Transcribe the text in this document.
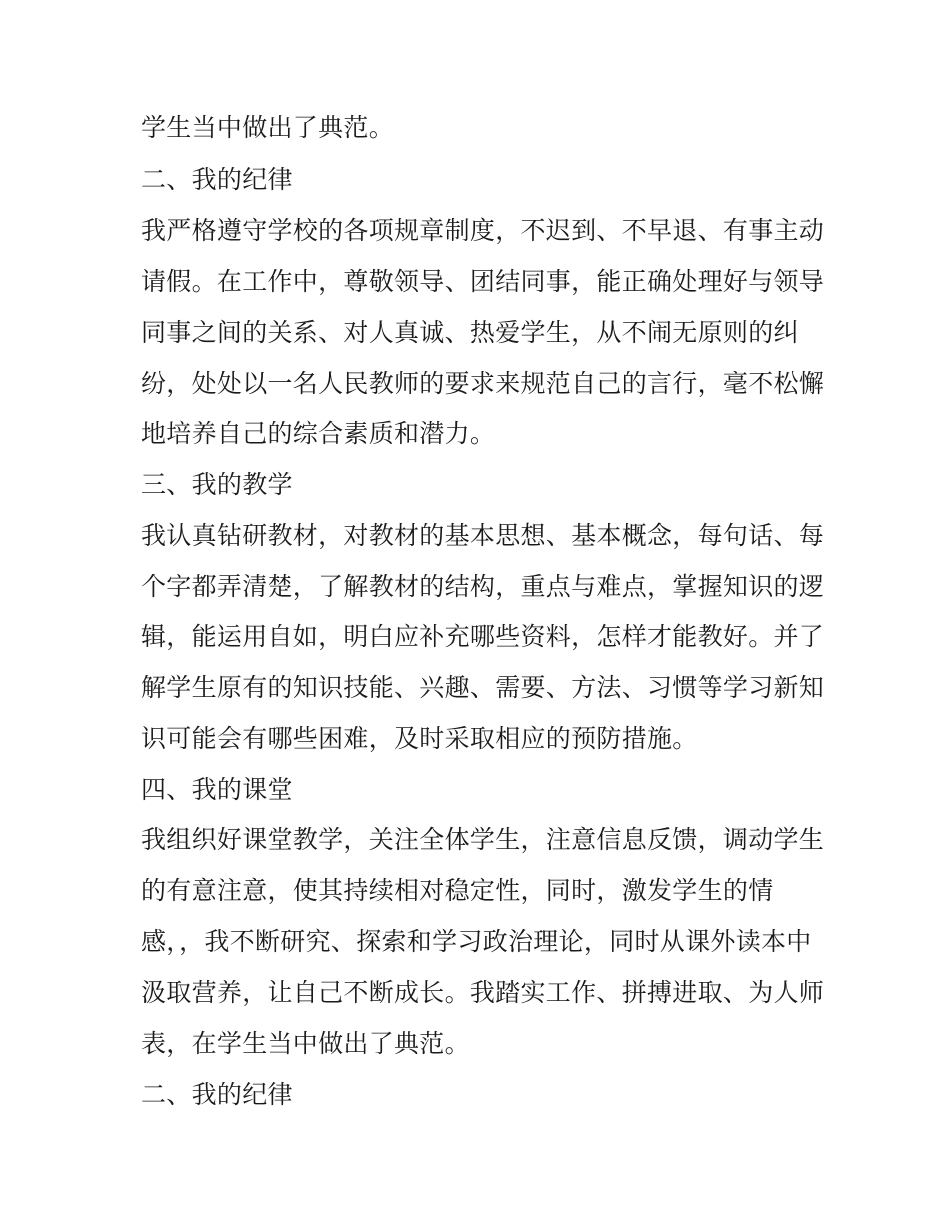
学生当中做出了典范。
二、我的纪律
我严格遵守学校的各项规章制度，不迟到、不早退、有事主动
请假。在工作中，尊敬领导、团结同事，能正确处理好与领导
同事之间的关系、对人真诚、热爱学生，从不闹无原则的纠
纷，处处以一名人民教师的要求来规范自己的言行，毫不松懈
地培养自己的综合素质和潜力。
三、我的教学
我认真钻研教材，对教材的基本思想、基本概念，每句话、每
个字都弄清楚，了解教材的结构，重点与难点，掌握知识的逻
辑，能运用自如，明白应补充哪些资料，怎样才能教好。并了
解学生原有的知识技能、兴趣、需要、方法、习惯等学习新知
识可能会有哪些困难，及时采取相应的预防措施。
四、我的课堂
我组织好课堂教学，关注全体学生，注意信息反馈，调动学生
的有意注意，使其持续相对稳定性，同时，激发学生的情
感，，我不断研究、探索和学习政治理论，同时从课外读本中
汲取营养，让自己不断成长。我踏实工作、拼搏进取、为人师
表，在学生当中做出了典范。
二、我的纪律
